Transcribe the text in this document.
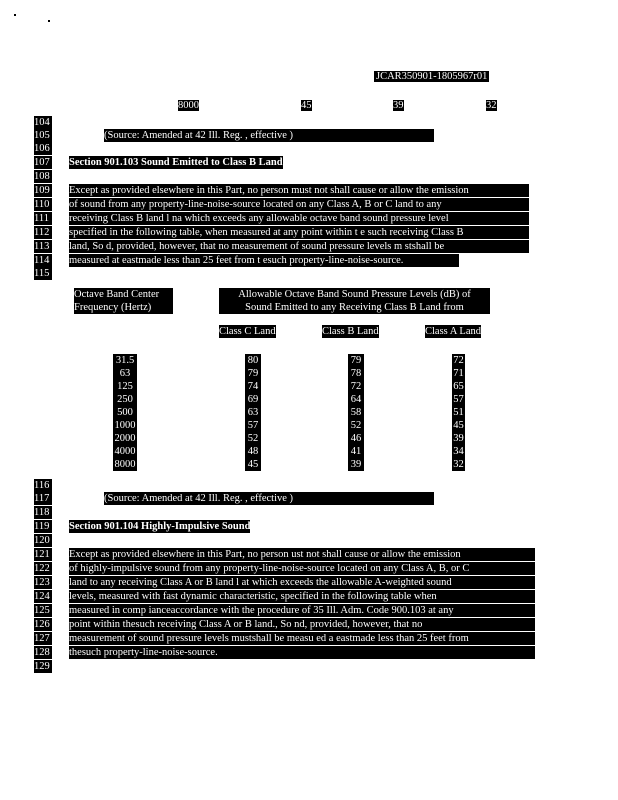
JCAR350901-1805967r01
8000	45	39	32
104
105
106
107
108
109
110
111
112
113
114
115
116
117
118
119
120
121
122
123
124
125
126
127
128
129
(Source: Amended at 42 Ill. Reg. , effective )
Section 901.103 Sound Emitted to Class B Land
Except as provided elsewhere in this Part, no person must not shall cause or allow the emission
of sound from any property-line-noise-source located on any Class A, B or C land to any
receiving Class B land l na which exceeds any allowable octave band sound pressure level
specified in the following table, when measured at any point within t e such receiving Class B
land, So d, provided, however, that no measurement of sound pressure levels m stshall be
measured at eastmade less than 25 feet from t esuch property-line-noise-source.
Octave Band Center
Frequency (Hertz)
Allowable Octave Band Sound Pressure Levels (dB) of
Sound Emitted to any Receiving Class B Land from
Class C Land	Class B Land	Class A Land
31.5	80	79	72
63	79	78	71
125	74	72	65
250	69	64	57
500	63	58	51
1000	57	52	45
2000	52	46	39
4000	48	41	34
8000	45	39	32
(Source: Amended at 42 Ill. Reg. , effective )
Section 901.104 Highly-Impulsive Sound
Except as provided elsewhere in this Part, no person ust not shall cause or allow the emission
of highly-impulsive sound from any property-line-noise-source located on any Class A, B, or C
land to any receiving Class A or B land l at which exceeds the allowable A-weighted sound
levels, measured with fast dynamic characteristic, specified in the following table when
measured in comp ianceaccordance with the procedure of 35 Ill. Adm. Code 900.103 at any
point within thesuch receiving Class A or B land., So nd, provided, however, that no
measurement of sound pressure levels mustshall be measu ed a eastmade less than 25 feet from
thesuch property-line-noise-source.
